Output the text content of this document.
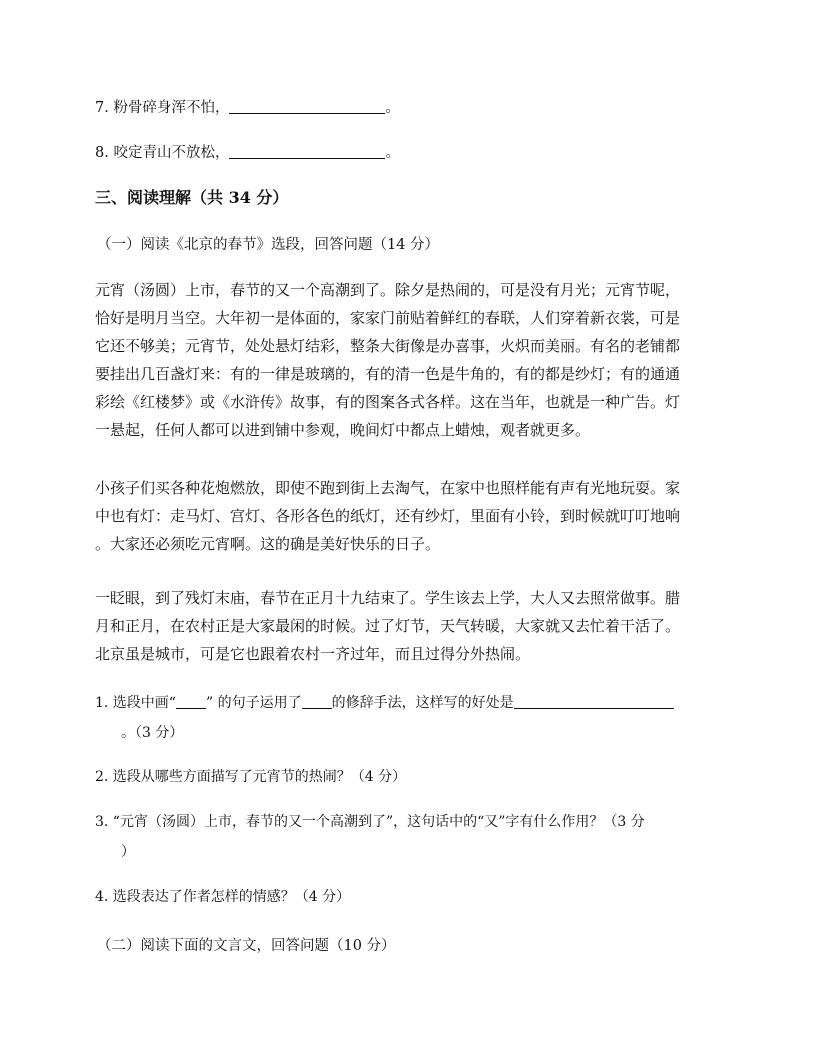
7. 粉骨碎身浑不怕，	。
8. 咬定青山不放松，	。
三、阅读理解（共 34 分）
（一）阅读《北京的春节》选段，回答问题（14 分）
元宵（汤圆）上市，春节的又一个高潮到了。除夕是热闹的，可是没有月光；元宵节呢，
恰好是明月当空。大年初一是体面的，家家门前贴着鲜红的春联，人们穿着新衣裳，可是
它还不够美；元宵节，处处悬灯结彩，整条大街像是办喜事，火炽而美丽。有名的老铺都
要挂出几百盏灯来：有的一律是玻璃的，有的清一色是牛角的，有的都是纱灯；有的通通
彩绘《红楼梦》或《水浒传》故事，有的图案各式各样。这在当年，也就是一种广告。灯
一悬起，任何人都可以进到铺中参观，晚间灯中都点上蜡烛，观者就更多。
小孩子们买各种花炮燃放，即使不跑到街上去淘气，在家中也照样能有声有光地玩耍。家
中也有灯：走马灯、宫灯、各形各色的纸灯，还有纱灯，里面有小铃，到时候就叮叮地响
。大家还必须吃元宵啊。这的确是美好快乐的日子。
一眨眼，到了残灯末庙，春节在正月十九结束了。学生该去上学，大人又去照常做事。腊
月和正月，在农村正是大家最闲的时候。过了灯节，天气转暖，大家就又去忙着干活了。
北京虽是城市，可是它也跟着农村一齐过年，而且过得分外热闹。
1. 选段中画“ ” 的句子运用了 的修辞手法，这样写的好处是
。（3 分）
2. 选段从哪些方面描写了元宵节的热闹？（4 分）
3. “元宵（汤圆）上市，春节的又一个高潮到了”，这句话中的“又”字有什么作用？（3 分
）
4. 选段表达了作者怎样的情感？（4 分）
（二）阅读下面的文言文，回答问题（10 分）
